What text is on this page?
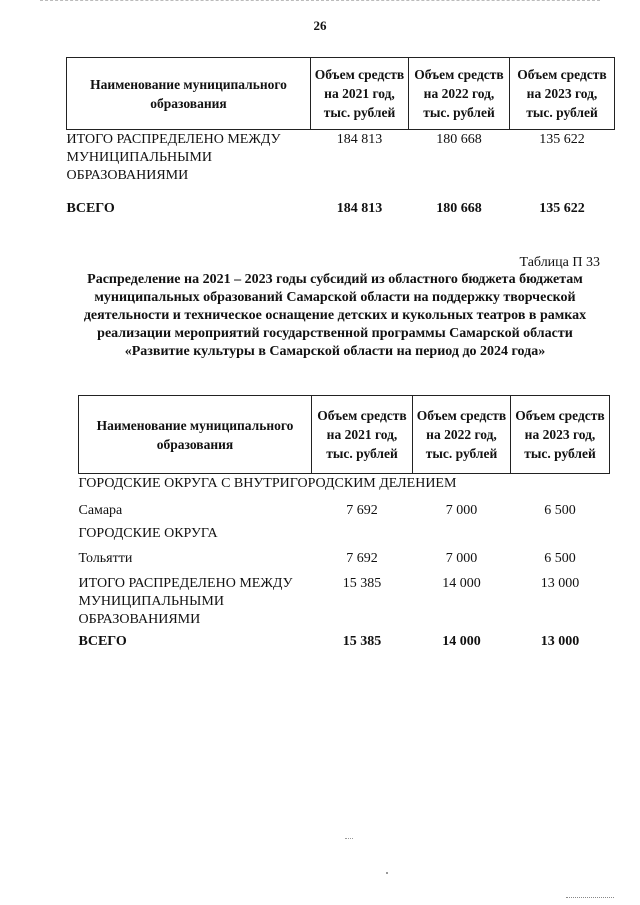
26
Наименование муниципального образования	Объем средств на 2021 год, тыс. рублей	Объем средств на 2022 год, тыс. рублей	Объем средств на 2023 год, тыс. рублей
ИТОГО РАСПРЕДЕЛЕНО МЕЖДУ МУНИЦИПАЛЬНЫМИ ОБРАЗОВАНИЯМИ	184 813	180 668	135 622
ВСЕГО	184 813	180 668	135 622
Таблица П 33
Распределение на 2021 – 2023 годы субсидий из областного бюджета бюджетам муниципальных образований Самарской области на поддержку творческой деятельности и техническое оснащение детских и кукольных театров в рамках реализации мероприятий государственной программы Самарской области «Развитие культуры в Самарской области на период до 2024 года»
Наименование муниципального образования	Объем средств на 2021 год, тыс. рублей	Объем средств на 2022 год, тыс. рублей	Объем средств на 2023 год, тыс. рублей
ГОРОДСКИЕ ОКРУГА С ВНУТРИГОРОДСКИМ ДЕЛЕНИЕМ			
Самара	7 692	7 000	6 500
ГОРОДСКИЕ ОКРУГА			
Тольятти	7 692	7 000	6 500
ИТОГО РАСПРЕДЕЛЕНО МЕЖДУ МУНИЦИПАЛЬНЫМИ ОБРАЗОВАНИЯМИ	15 385	14 000	13 000
ВСЕГО	15 385	14 000	13 000
